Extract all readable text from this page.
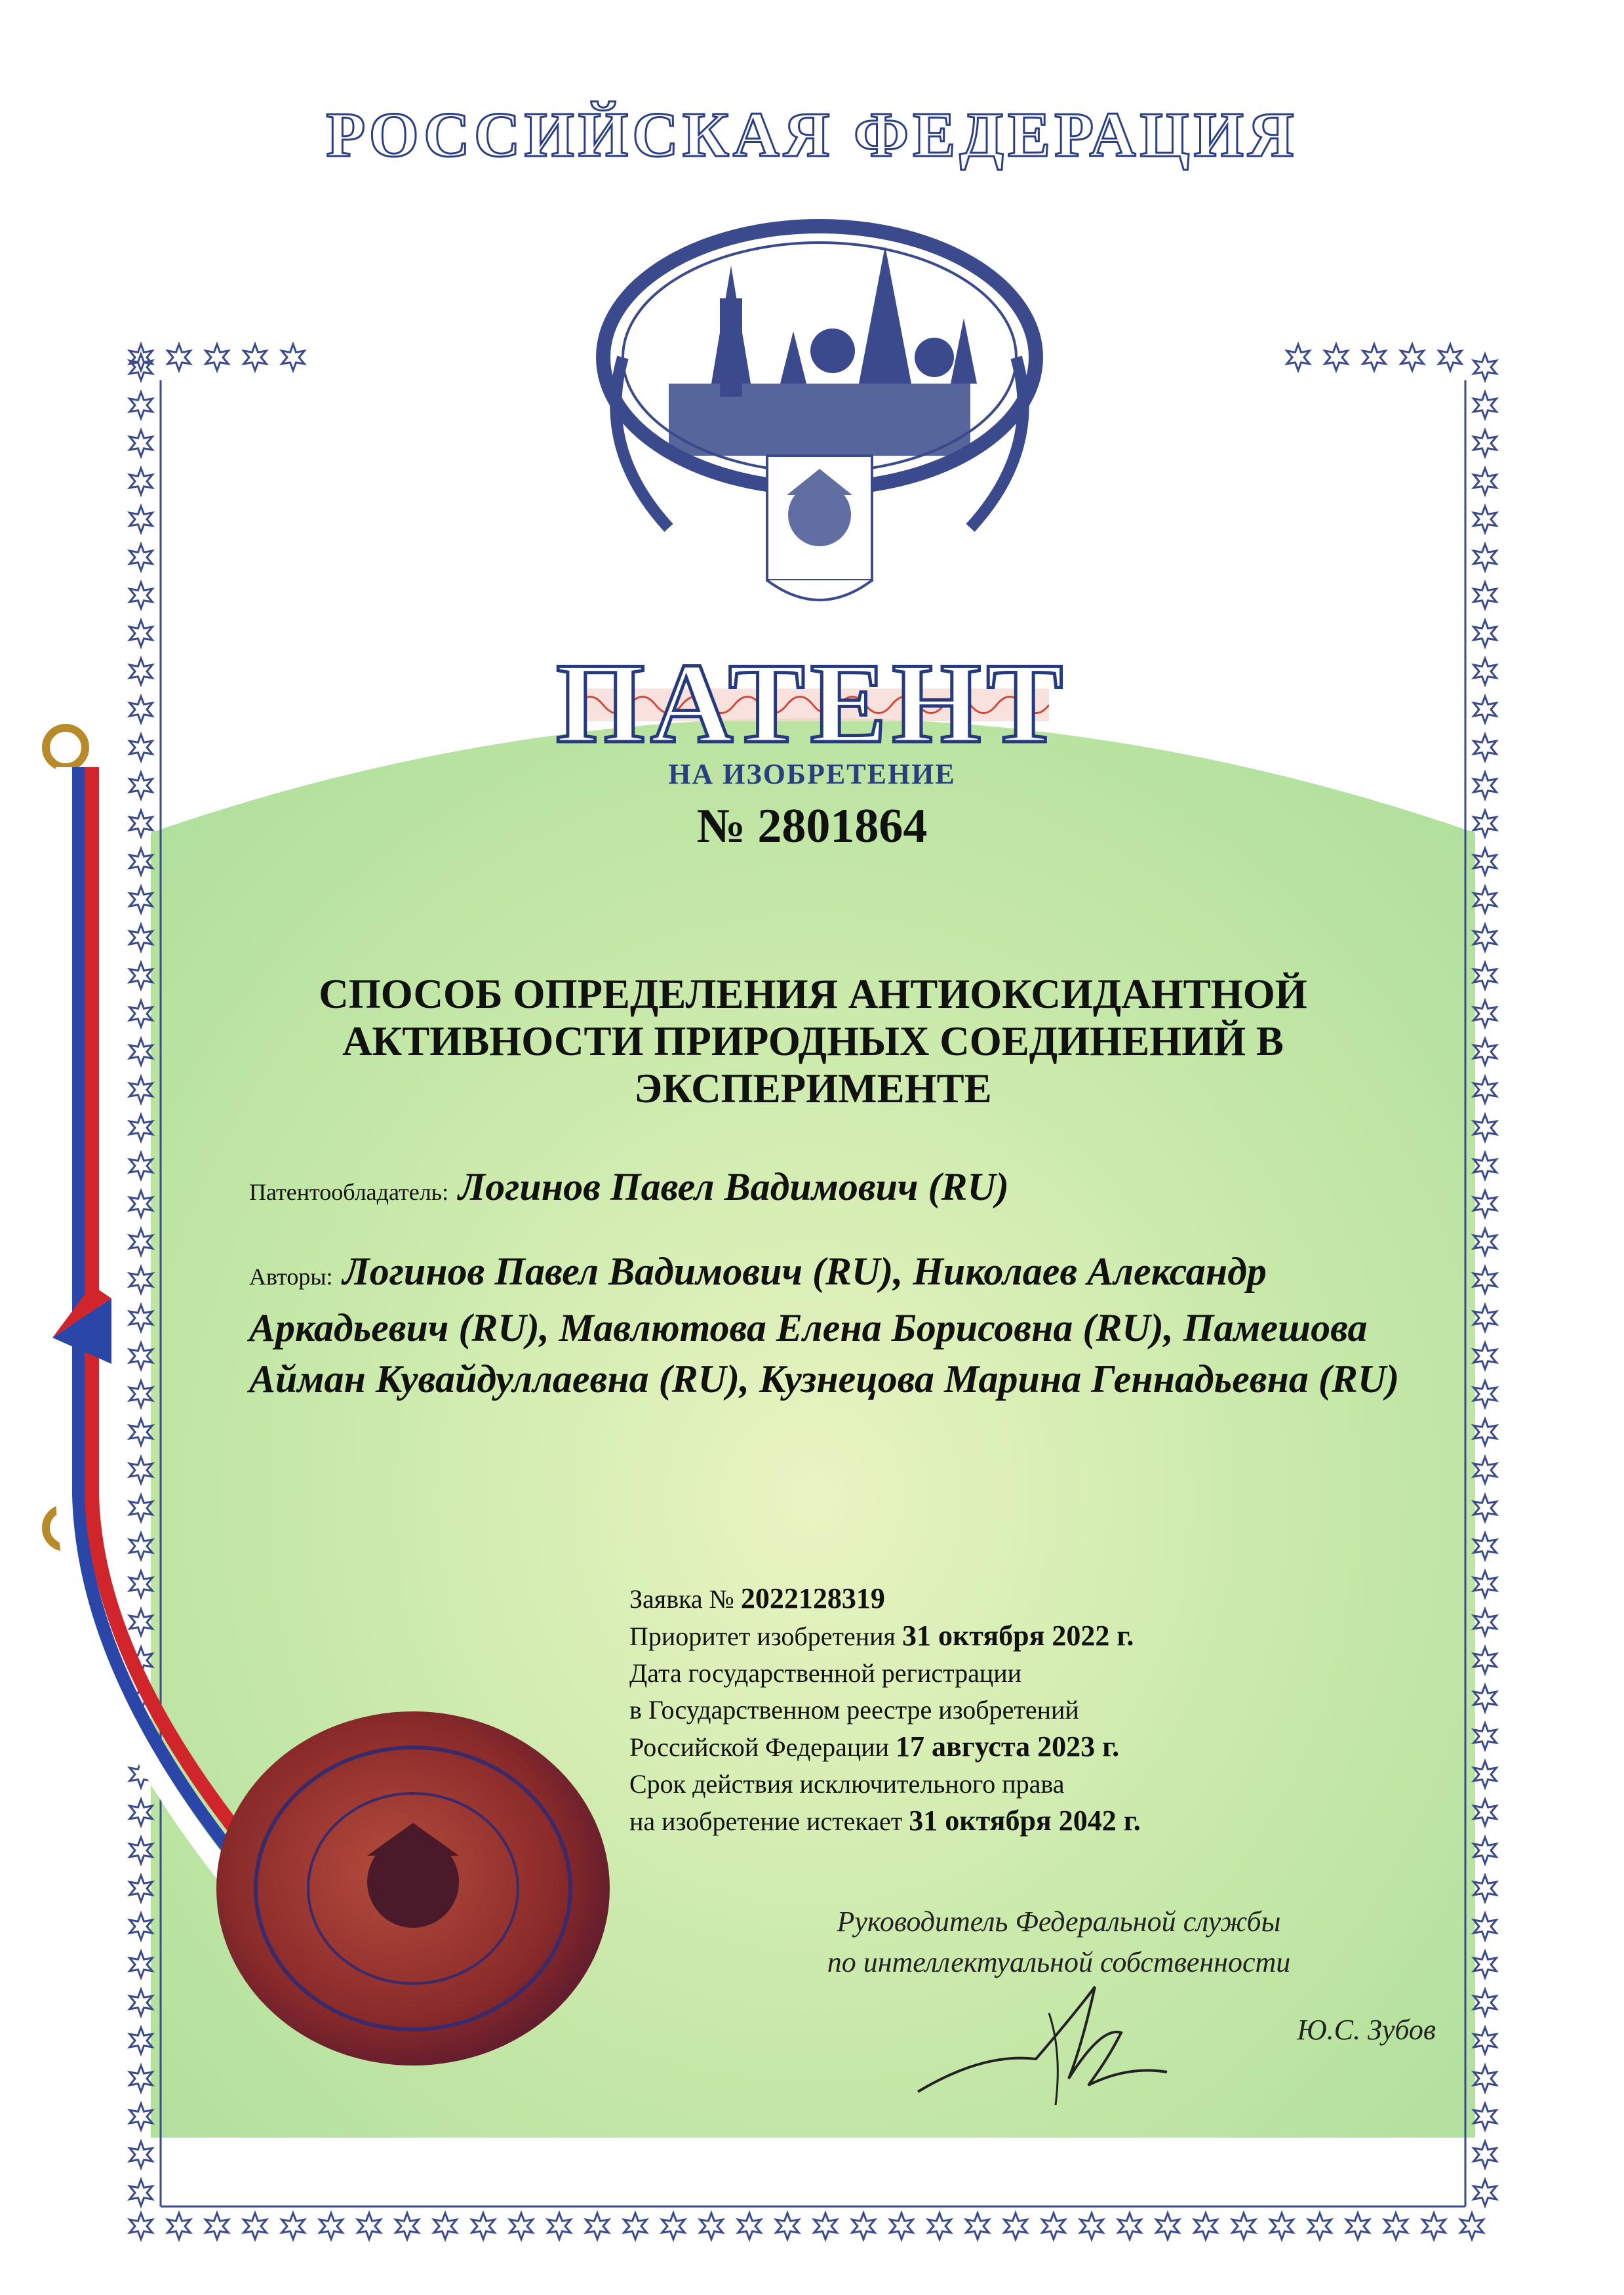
РОССИЙСКАЯ ФЕДЕРАЦИЯ
ПАТЕНТ
НА ИЗОБРЕТЕНИЕ
№ 2801864
СПОСОБ ОПРЕДЕЛЕНИЯ АНТИОКСИДАНТНОЙ АКТИВНОСТИ ПРИРОДНЫХ СОЕДИНЕНИЙ В ЭКСПЕРИМЕНТЕ
Патентообладатель: Логинов Павел Вадимович (RU)
Авторы: Логинов Павел Вадимович (RU), Николаев Александр Аркадьевич (RU), Мавлютова Елена Борисовна (RU), Памешова Айман Кувайдуллаевна (RU), Кузнецова Марина Геннадьевна (RU)
Заявка № 2022128319
Приоритет изобретения 31 октября 2022 г.
Дата государственной регистрации
в Государственном реестре изобретений
Российской Федерации 17 августа 2023 г.
Срок действия исключительного права
на изобретение истекает 31 октября 2042 г.
Руководитель Федеральной службы
по интеллектуальной собственности
Ю.С. Зубов
